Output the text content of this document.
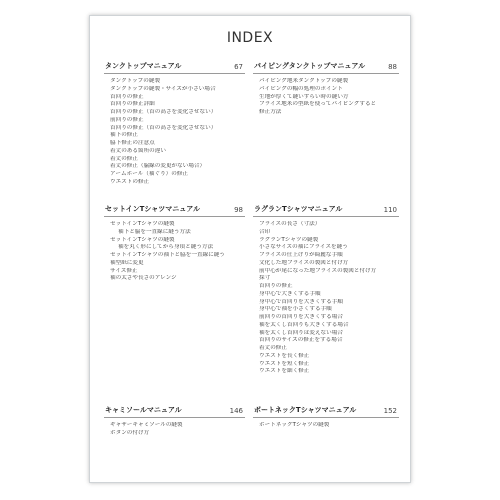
INDEX
タンクトップマニュアル	67
タンクトップの縫製
タンクトップの縫製・サイズが小さい場合
首回りの修正
首回りの修正詳細
首回りの修正（首の高さを変化させない）
前回りの修正
首回りの修正（首の高さを変化させない）
袖下の修正
脇下修正の注意点
着丈のある箇所の違い
着丈の修正
着丈の修正（脇線の変更がない場合）
アームホール（袖ぐり）の修正
ウエストの修正
パイピングタンクトップマニュアル	88
パイピング地米タンクトップの縫製
パイピングの幅の処理のポイント
生地が厚くて縫いずらい時の縫い方
フライス地米の型紙を使ってパイピングすると
修正方法
セットインTシャツマニュアル	98
セットインTシャツの縫製
袖下と脇を一直線に縫う方法
セットインTシャツの縫製
袖を丸く形にしてから身頃と縫う方法
セットインTシャツの袖下と脇を一直線に縫う
袖型紙に変更
サイズ修正
袖の太さや長さのアレンジ
ラグランTシャツマニュアル	110
フライスの長さ（寸法）
合印
ラグランTシャツの縫製
小さなサイズの袖にフライスを縫う
フライスの仕上げりが綺麗な手順
文化した地フライスの製図と付け方
前中心が尾になった地フライスの製図と付け方
採寸
首回りの修正
身中心で大きくする手順
身中心で首回りを大きくする手順
身中心で袖を小さくする手順
前回りの首回りを大きくする場合
袖を太くし首回りも大きくする場合
袖を太くし首回りは変えない場合
首回りのサイズの修正をする場合
着丈の修正
ウエストを長く修正
ウエストを短く修正
ウエストを細く修正
キャミソールマニュアル	146
ギャザーキャミソールの縫製
ボタンの付け方
ボートネックTシャツマニュアル	152
ボートネックTシャツの縫製
